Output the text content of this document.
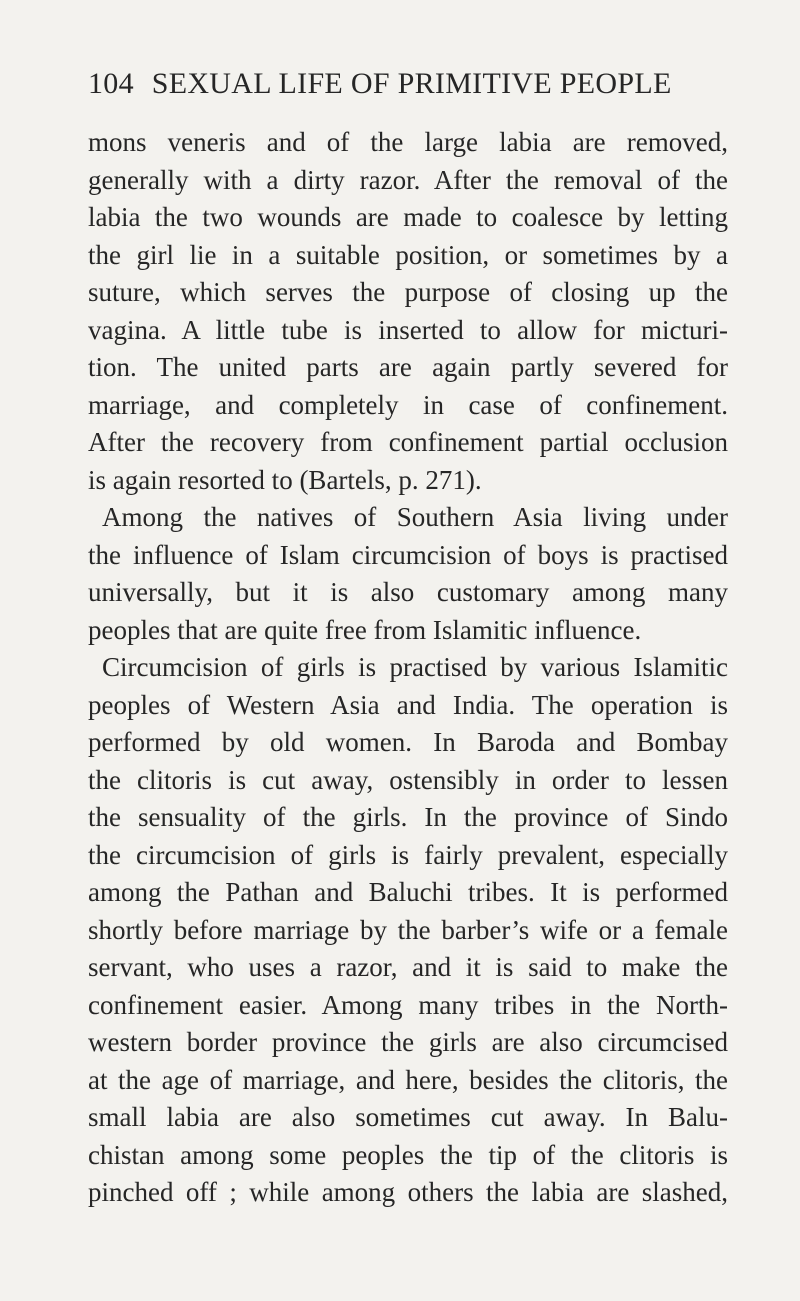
104 SEXUAL LIFE OF PRIMITIVE PEOPLE
mons veneris and of the large labia are removed,
generally with a dirty razor. After the removal of the
labia the two wounds are made to coalesce by letting
the girl lie in a suitable position, or sometimes by a
suture, which serves the purpose of closing up the
vagina. A little tube is inserted to allow for micturi-
tion. The united parts are again partly severed for
marriage, and completely in case of confinement.
After the recovery from confinement partial occlusion
is again resorted to (Bartels, p. 271).
Among the natives of Southern Asia living under
the influence of Islam circumcision of boys is practised
universally, but it is also customary among many
peoples that are quite free from Islamitic influence.
Circumcision of girls is practised by various Islamitic
peoples of Western Asia and India. The operation is
performed by old women. In Baroda and Bombay
the clitoris is cut away, ostensibly in order to lessen
the sensuality of the girls. In the province of Sindo
the circumcision of girls is fairly prevalent, especially
among the Pathan and Baluchi tribes. It is performed
shortly before marriage by the barber’s wife or a female
servant, who uses a razor, and it is said to make the
confinement easier. Among many tribes in the North-
western border province the girls are also circumcised
at the age of marriage, and here, besides the clitoris, the
small labia are also sometimes cut away. In Balu-
chistan among some peoples the tip of the clitoris is
pinched off ; while among others the labia are slashed,
